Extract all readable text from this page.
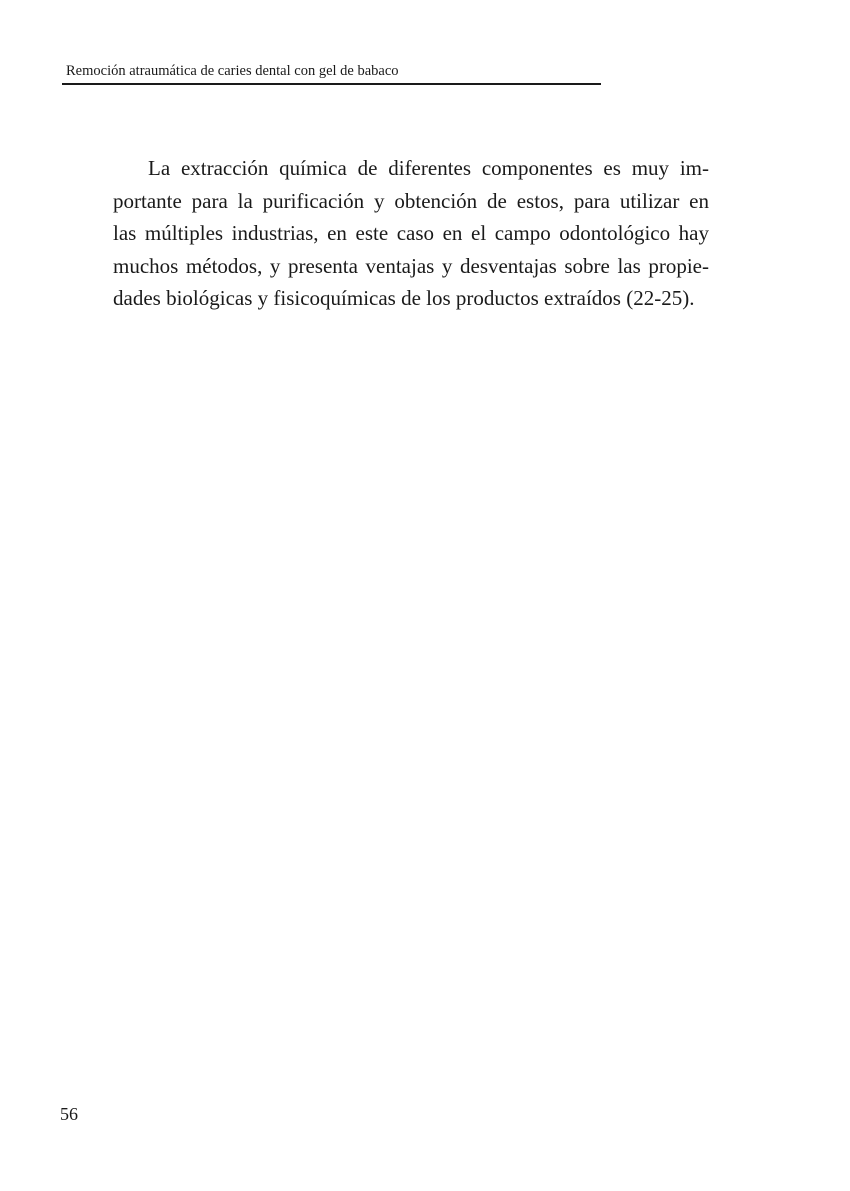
Remoción atraumática de caries dental con gel de babaco
La extracción química de diferentes componentes es muy im-
portante para la purificación y obtención de estos, para utilizar en
las múltiples industrias, en este caso en el campo odontológico hay
muchos métodos, y presenta ventajas y desventajas sobre las propie-
dades biológicas y fisicoquímicas de los productos extraídos (22-25).
56
